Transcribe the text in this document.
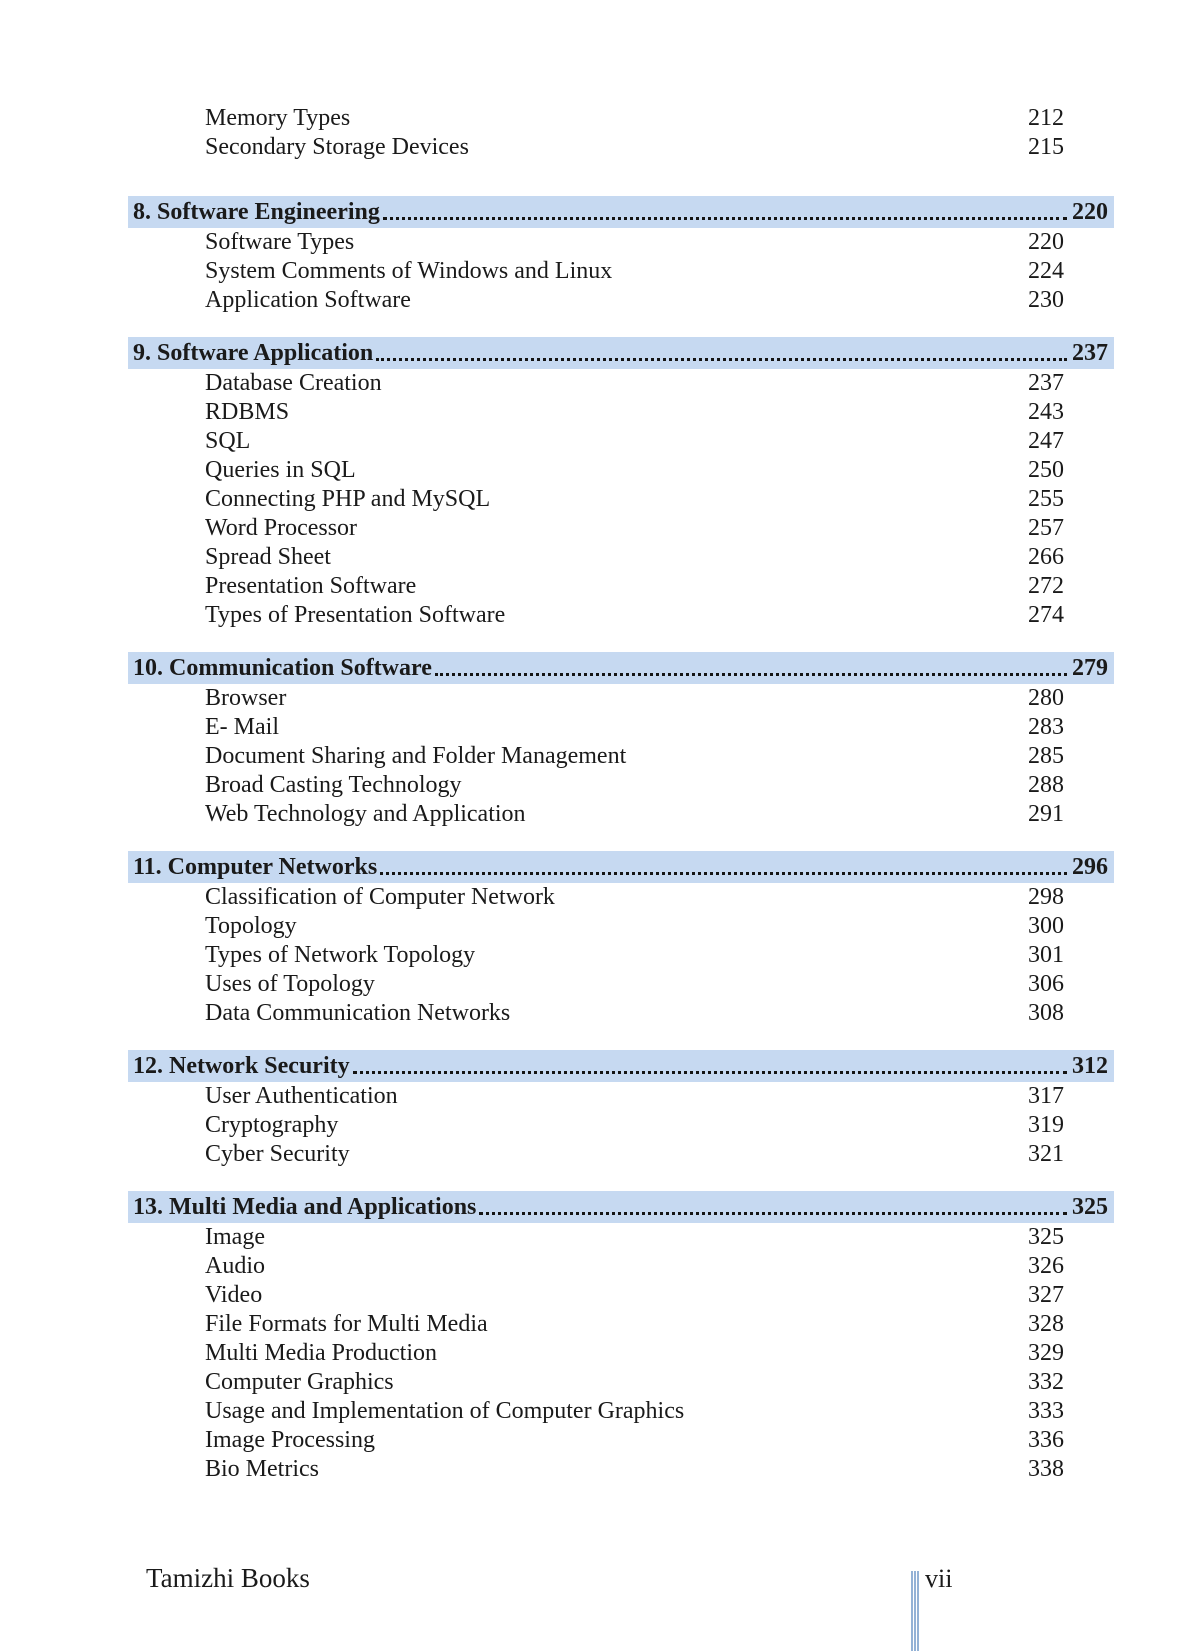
Memory Types	212
Secondary Storage Devices	215
8. Software Engineering	220
Software Types	220
System Comments of Windows and Linux	224
Application Software	230
9. Software Application	237
Database Creation	237
RDBMS	243
SQL	247
Queries in SQL	250
Connecting PHP and MySQL	255
Word Processor	257
Spread Sheet	266
Presentation Software	272
Types of Presentation Software	274
10. Communication Software	279
Browser	280
E- Mail	283
Document Sharing and Folder Management	285
Broad Casting Technology	288
Web Technology and Application	291
11. Computer Networks	296
Classification of Computer Network	298
Topology	300
Types of Network Topology	301
Uses of Topology	306
Data Communication Networks	308
12. Network Security	312
User Authentication	317
Cryptography	319
Cyber Security	321
13. Multi Media and Applications	325
Image	325
Audio	326
Video	327
File Formats for Multi Media	328
Multi Media Production	329
Computer Graphics	332
Usage and Implementation of Computer Graphics	333
Image Processing	336
Bio Metrics	338
Tamizhi Books	vii
